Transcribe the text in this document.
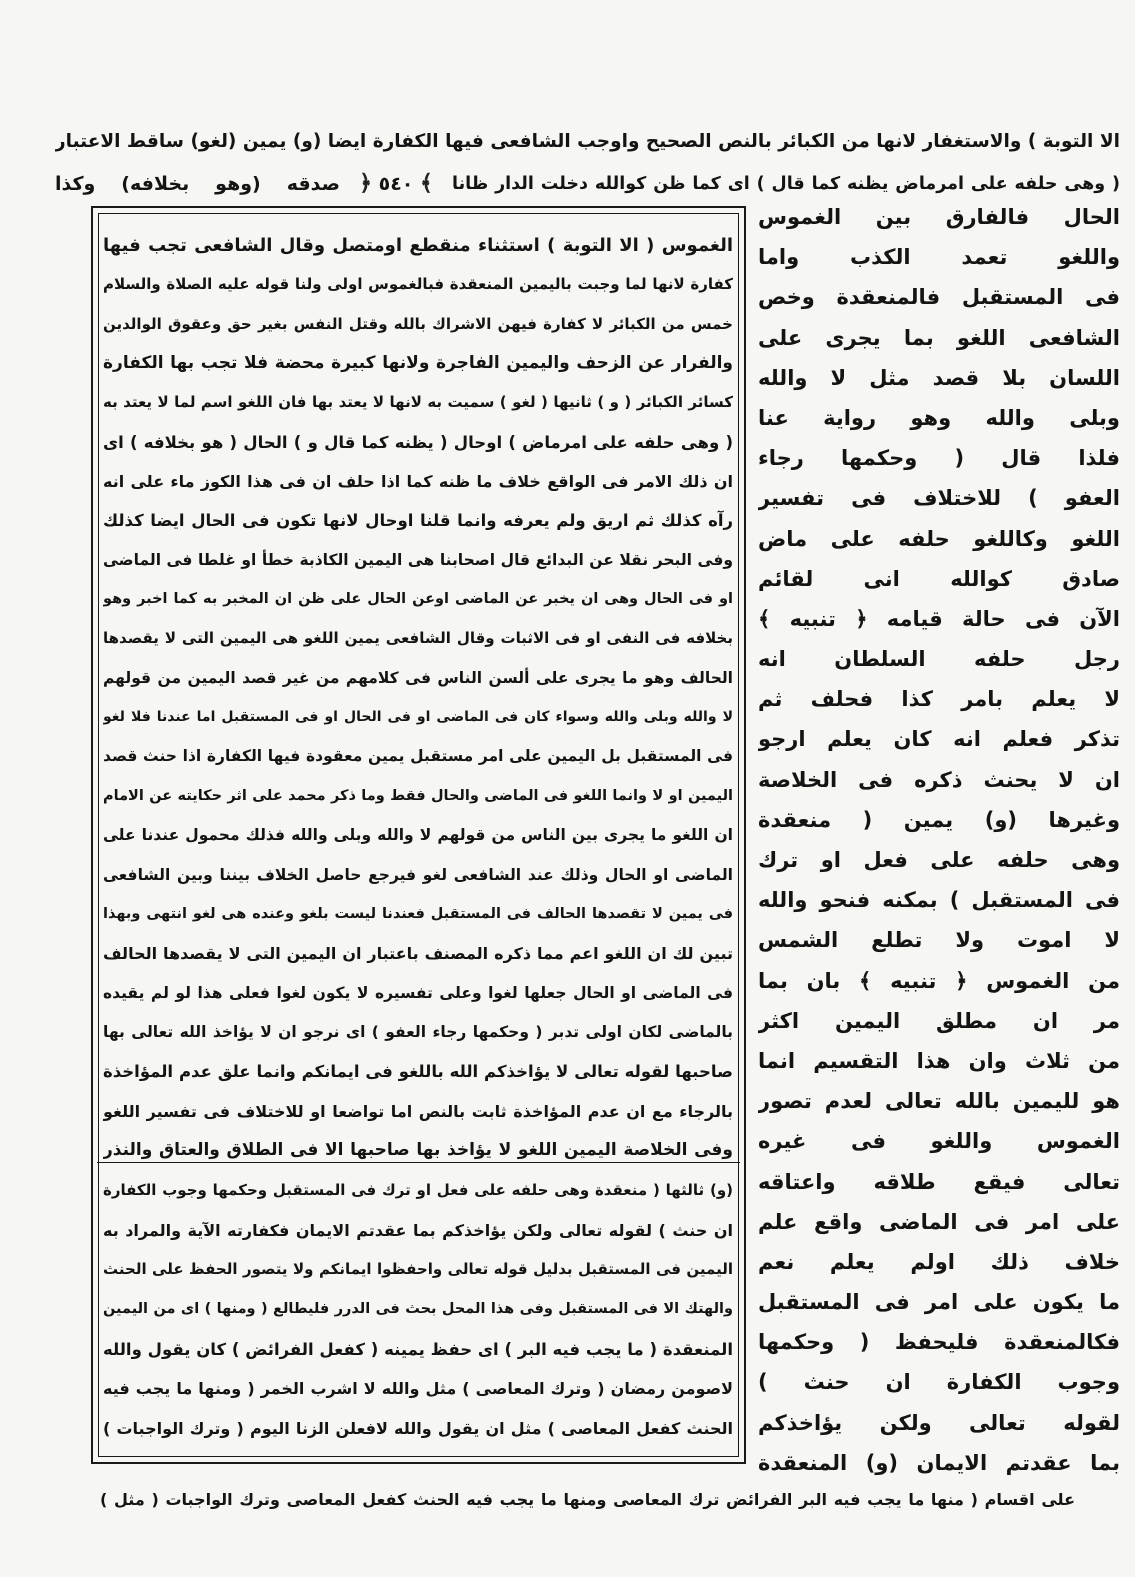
الا التوبة ) والاستغفار لانها من الكبائر بالنص الصحيح واوجب الشافعى فيها الكفارة ايضا (و) يمين (لغو) ساقط الاعتبار
( وهى حلفه على امرماض يظنه كما قال ) اى كما ظن كوالله دخلت الدار ظانا
﴾ ٥٤٠ ﴿
صدقه (وهو بخلافه) وكذا
الغموس ( الا التوبة ) استثناء منقطع اومتصل وقال الشافعى تجب فيها
كفارة لانها لما وجبت باليمين المنعقدة فبالغموس اولى ولنا قوله عليه الصلاة والسلام
خمس من الكبائر لا كفارة فيهن الاشراك بالله وقتل النفس بغير حق وعقوق الوالدين
والفرار عن الزحف واليمين الفاجرة ولانها كبيرة محضة فلا تجب بها الكفارة
كسائر الكبائر ( و ) ثانيها ( لغو ) سميت به لانها لا يعتد بها فان اللغو اسم لما لا يعتد به
( وهى حلفه على امرماض ) اوحال ( يظنه كما قال و ) الحال ( هو بخلافه ) اى
ان ذلك الامر فى الواقع خلاف ما ظنه كما اذا حلف ان فى هذا الكوز ماء على انه
رآه كذلك ثم اريق ولم يعرفه وانما قلنا اوحال لانها تكون فى الحال ايضا كذلك
وفى البحر نقلا عن البدائع قال اصحابنا هى اليمين الكاذبة خطأ او غلطا فى الماضى
او فى الحال وهى ان يخبر عن الماضى اوعن الحال على ظن ان المخبر به كما اخبر وهو
بخلافه فى النفى او فى الاثبات وقال الشافعى يمين اللغو هى اليمين التى لا يقصدها
الحالف وهو ما يجرى على ألسن الناس فى كلامهم من غير قصد اليمين من قولهم
لا والله وبلى والله وسواء كان فى الماضى او فى الحال او فى المستقبل اما عندنا فلا لغو
فى المستقبل بل اليمين على امر مستقبل يمين معقودة فيها الكفارة اذا حنث قصد
اليمين او لا وانما اللغو فى الماضى والحال فقط وما ذكر محمد على اثر حكايته عن الامام
ان اللغو ما يجرى بين الناس من قولهم لا والله وبلى والله فذلك محمول عندنا على
الماضى او الحال وذلك عند الشافعى لغو فيرجع حاصل الخلاف بيننا وبين الشافعى
فى يمين لا تقصدها الحالف فى المستقبل فعندنا ليست بلغو وعنده هى لغو انتهى وبهذا
تبين لك ان اللغو اعم مما ذكره المصنف باعتبار ان اليمين التى لا يقصدها الحالف
فى الماضى او الحال جعلها لغوا وعلى تفسيره لا يكون لغوا فعلى هذا لو لم يقيده
بالماضى لكان اولى تدبر ( وحكمها رجاء العفو ) اى نرجو ان لا يؤاخذ الله تعالى بها
صاحبها لقوله تعالى لا يؤاخذكم الله باللغو فى ايمانكم وانما علق عدم المؤاخذة
بالرجاء مع ان عدم المؤاخذة ثابت بالنص اما تواضعا او للاختلاف فى تفسير اللغو
وفى الخلاصة اليمين اللغو لا يؤاخذ بها صاحبها الا فى الطلاق والعتاق والنذر
(و) ثالثها ( منعقدة وهى حلفه على فعل او ترك فى المستقبل وحكمها وجوب الكفارة
ان حنث ) لقوله تعالى ولكن يؤاخذكم بما عقدتم الايمان فكفارته الآية والمراد به
اليمين فى المستقبل بدليل قوله تعالى واحفظوا ايمانكم ولا يتصور الحفظ على الحنث
والهتك الا فى المستقبل وفى هذا المحل بحث فى الدرر فليطالع ( ومنها ) اى من اليمين
المنعقدة ( ما يجب فيه البر ) اى حفظ يمينه ( كفعل الفرائض ) كان يقول والله
لاصومن رمضان ( وترك المعاصى ) مثل والله لا اشرب الخمر ( ومنها ما يجب فيه
الحنث كفعل المعاصى ) مثل ان يقول والله لافعلن الزنا اليوم ( وترك الواجبات )
الحال فالفارق بين الغموس
واللغو تعمد الكذب واما
فى المستقبل فالمنعقدة وخص
الشافعى اللغو بما يجرى على
اللسان بلا قصد مثل لا والله
وبلى والله وهو رواية عنا
فلذا قال ( وحكمها رجاء
العفو ) للاختلاف فى تفسير
اللغو وكاللغو حلفه على ماض
صادق كوالله انى لقائم
الآن فى حالة قيامه ﴿ تنبيه ﴾
رجل حلفه السلطان انه
لا يعلم بامر كذا فحلف ثم
تذكر فعلم انه كان يعلم ارجو
ان لا يحنث ذكره فى الخلاصة
وغيرها (و) يمين ( منعقدة
وهى حلفه على فعل او ترك
فى المستقبل ) بمكنه فنحو والله
لا اموت ولا تطلع الشمس
من الغموس ﴿ تنبيه ﴾ بان بما
مر ان مطلق اليمين اكثر
من ثلاث وان هذا التقسيم انما
هو لليمين بالله تعالى لعدم تصور
الغموس واللغو فى غيره
تعالى فيقع طلاقه واعتاقه
على امر فى الماضى واقع علم
خلاف ذلك اولم يعلم نعم
ما يكون على امر فى المستقبل
فكالمنعقدة فليحفظ ( وحكمها
وجوب الكفارة ان حنث )
لقوله تعالى ولكن يؤاخذكم
بما عقدتم الايمان (و) المنعقدة
على اقسام ( منها ما يجب فيه البر الفرائض ترك المعاصى ومنها ما يجب فيه الحنث كفعل المعاصى وترك الواجبات ( مثل )
